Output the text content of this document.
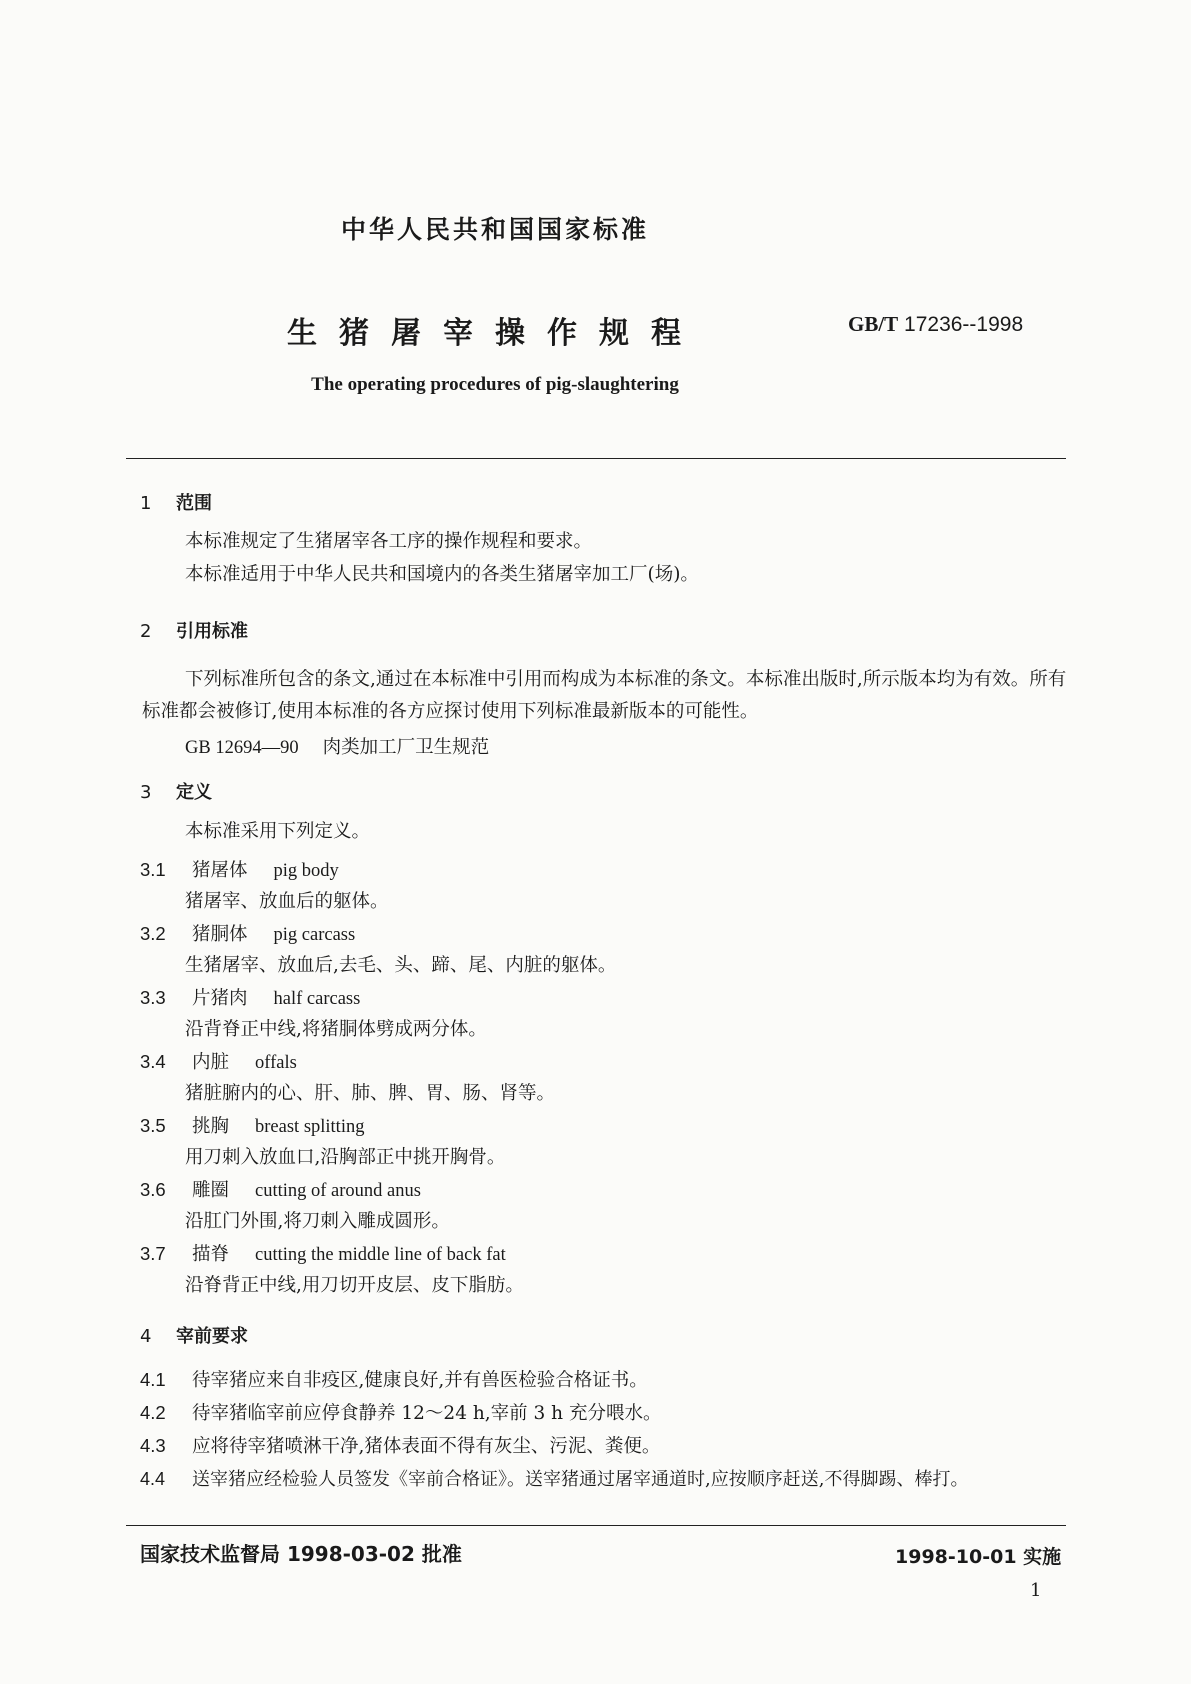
中华人民共和国国家标准
生猪屠宰操作规程	GB/T 17236--1998
The operating procedures of pig-slaughtering
1 范围
本标准规定了生猪屠宰各工序的操作规程和要求。
本标准适用于中华人民共和国境内的各类生猪屠宰加工厂(场)。
2 引用标准
下列标准所包含的条文,通过在本标准中引用而构成为本标准的条文。本标准出版时,所示版本均为有效。所有标准都会被修订,使用本标准的各方应探讨使用下列标准最新版本的可能性。
GB 12694—90 肉类加工厂卫生规范
3 定义
本标准采用下列定义。
3.1 猪屠体 pig body
猪屠宰、放血后的躯体。
3.2 猪胴体 pig carcass
生猪屠宰、放血后,去毛、头、蹄、尾、内脏的躯体。
3.3 片猪肉 half carcass
沿背脊正中线,将猪胴体劈成两分体。
3.4 内脏 offals
猪脏腑内的心、肝、肺、脾、胃、肠、肾等。
3.5 挑胸 breast splitting
用刀刺入放血口,沿胸部正中挑开胸骨。
3.6 雕圈 cutting of around anus
沿肛门外围,将刀刺入雕成圆形。
3.7 描脊 cutting the middle line of back fat
沿脊背正中线,用刀切开皮层、皮下脂肪。
4 宰前要求
4.1 待宰猪应来自非疫区,健康良好,并有兽医检验合格证书。
4.2 待宰猪临宰前应停食静养 12～24 h,宰前 3 h 充分喂水。
4.3 应将待宰猪喷淋干净,猪体表面不得有灰尘、污泥、粪便。
4.4 送宰猪应经检验人员签发《宰前合格证》。送宰猪通过屠宰通道时,应按顺序赶送,不得脚踢、棒打。
国家技术监督局 1998-03-02 批准	1998-10-01 实施
1
